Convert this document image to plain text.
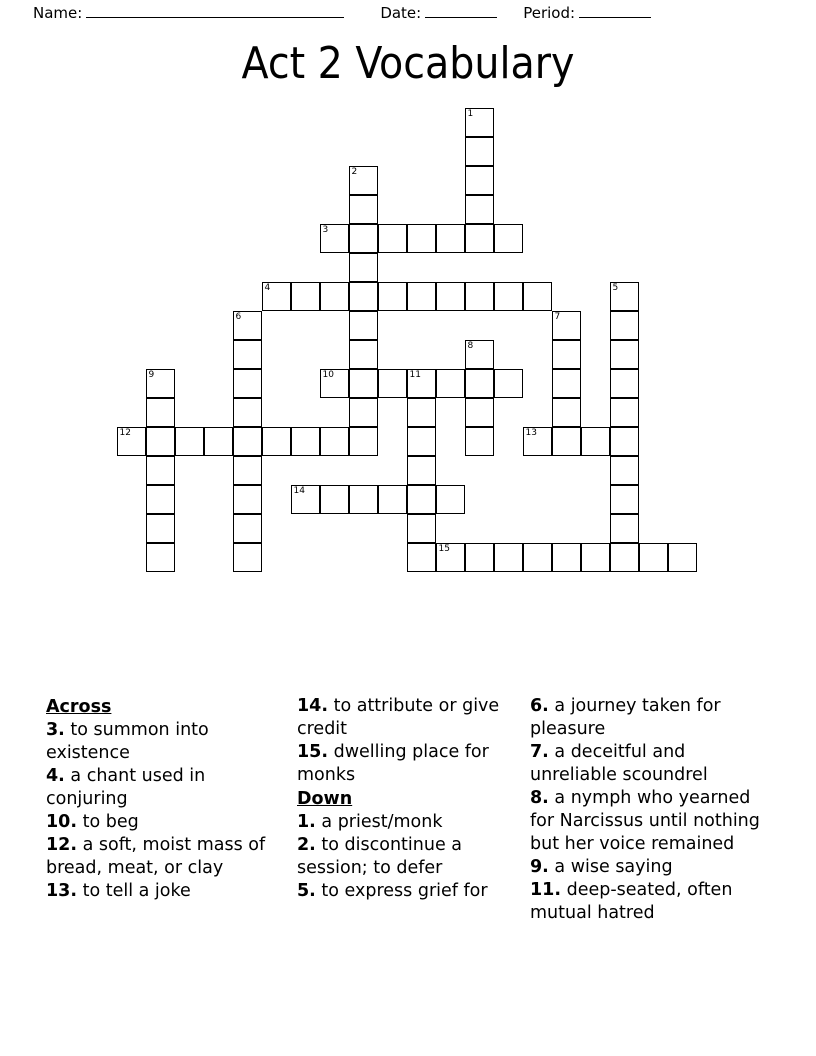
Name:	Date:	Period:
Act 2 Vocabulary
1
2
3
4	5
6	7
8
9	10	11
12	13
14
15
Across
3. to summon into existence
4. a chant used in conjuring
10. to beg
12. a soft, moist mass of bread, meat, or clay
13. to tell a joke
14. to attribute or give credit
15. dwelling place for monks
Down
1. a priest/monk
2. to discontinue a session; to defer
5. to express grief for
6. a journey taken for pleasure
7. a deceitful and unreliable scoundrel
8. a nymph who yearned for Narcissus until nothing but her voice remained
9. a wise saying
11. deep-seated, often mutual hatred
